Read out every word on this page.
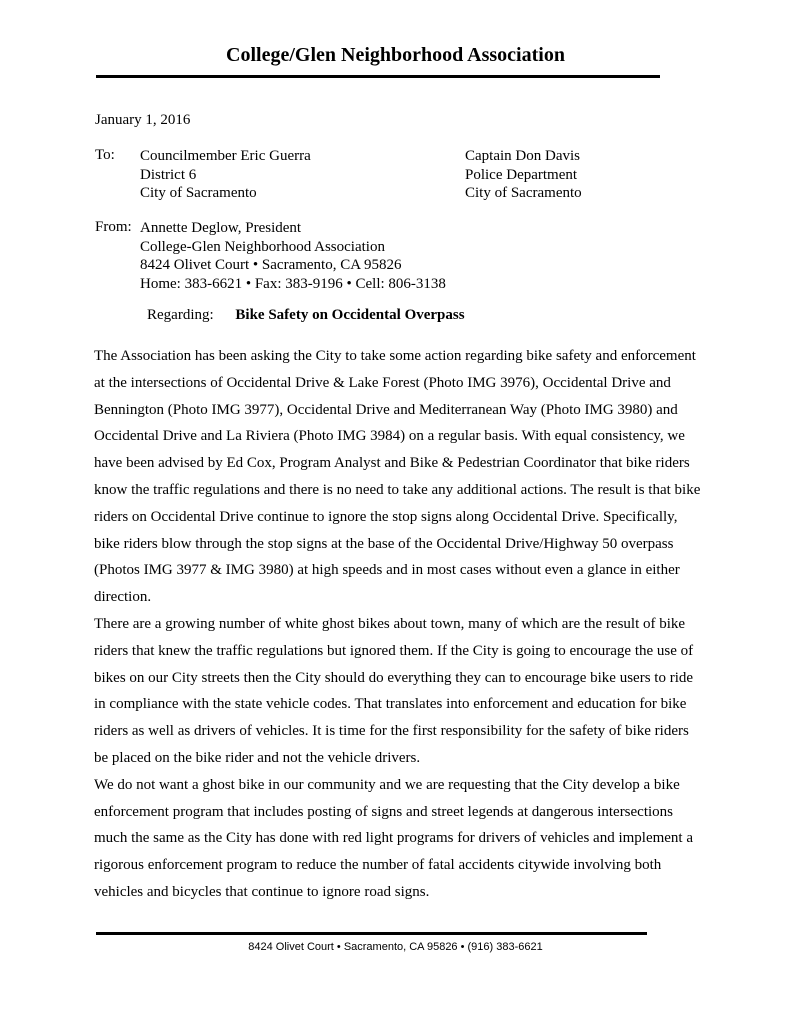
College/Glen Neighborhood Association
January 1, 2016
To: Councilmember Eric Guerra
District 6
City of Sacramento
Captain Don Davis
Police Department
City of Sacramento
From: Annette Deglow, President
College-Glen Neighborhood Association
8424 Olivet Court • Sacramento, CA 95826
Home: 383-6621 • Fax: 383-9196 • Cell: 806-3138
Regarding: Bike Safety on Occidental Overpass

The Association has been asking the City to take some action regarding bike safety and enforcement at the intersections of Occidental Drive & Lake Forest (Photo IMG 3976), Occidental Drive and Bennington (Photo IMG 3977), Occidental Drive and Mediterranean Way (Photo IMG 3980) and Occidental Drive and La Riviera (Photo IMG 3984) on a regular basis. With equal consistency, we have been advised by Ed Cox, Program Analyst and Bike & Pedestrian Coordinator that bike riders know the traffic regulations and there is no need to take any additional actions. The result is that bike riders on Occidental Drive continue to ignore the stop signs along Occidental Drive. Specifically, bike riders blow through the stop signs at the base of the Occidental Drive/Highway 50 overpass (Photos IMG 3977 & IMG 3980) at high speeds and in most cases without even a glance in either direction.

There are a growing number of white ghost bikes about town, many of which are the result of bike riders that knew the traffic regulations but ignored them. If the City is going to encourage the use of bikes on our City streets then the City should do everything they can to encourage bike users to ride in compliance with the state vehicle codes. That translates into enforcement and education for bike riders as well as drivers of vehicles. It is time for the first responsibility for the safety of bike riders be placed on the bike rider and not the vehicle drivers.

We do not want a ghost bike in our community and we are requesting that the City develop a bike enforcement program that includes posting of signs and street legends at dangerous intersections much the same as the City has done with red light programs for drivers of vehicles and implement a rigorous enforcement program to reduce the number of fatal accidents citywide involving both vehicles and bicycles that continue to ignore road signs.

8424 Olivet Court • Sacramento, CA 95826 • (916) 383-6621
